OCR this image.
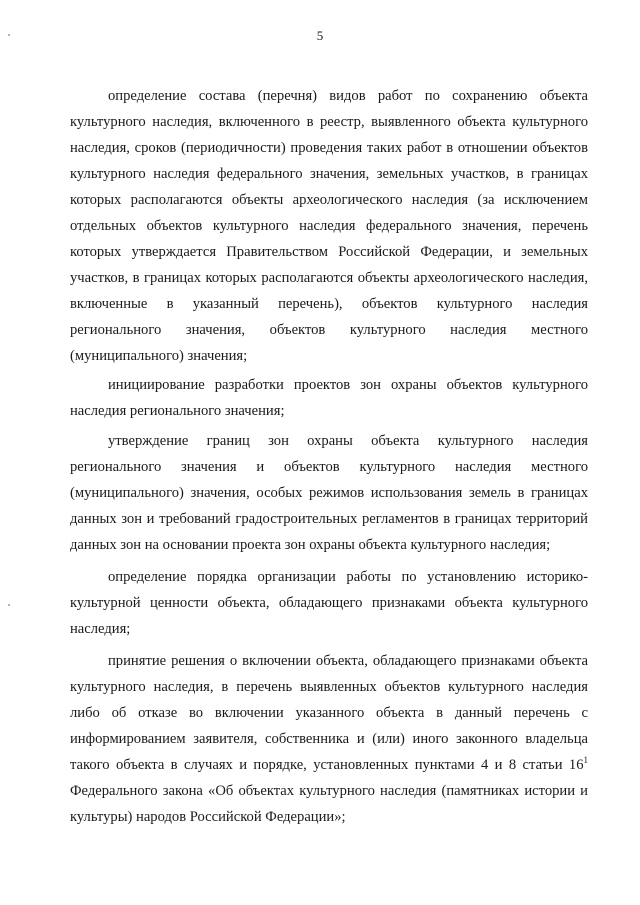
5

определение состава (перечня) видов работ по сохранению объекта культурного наследия, включенного в реестр, выявленного объекта культурного наследия, сроков (периодичности) проведения таких работ в отношении объектов культурного наследия федерального значения, земельных участков, в границах которых располагаются объекты археологического наследия (за исключением отдельных объектов культурного наследия федерального значения, перечень которых утверждается Правительством Российской Федерации, и земельных участков, в границах которых располагаются объекты археологического наследия, включенные в указанный перечень), объектов культурного наследия регионального значения, объектов культурного наследия местного (муниципального) значения;

инициирование разработки проектов зон охраны объектов культурного наследия регионального значения;

утверждение границ зон охраны объекта культурного наследия регионального значения и объектов культурного наследия местного (муниципального) значения, особых режимов использования земель в границах данных зон и требований градостроительных регламентов в границах территорий данных зон на основании проекта зон охраны объекта культурного наследия;

определение порядка организации работы по установлению историко-культурной ценности объекта, обладающего признаками объекта культурного наследия;

принятие решения о включении объекта, обладающего признаками объекта культурного наследия, в перечень выявленных объектов культурного наследия либо об отказе во включении указанного объекта в данный перечень с информированием заявителя, собственника и (или) иного законного владельца такого объекта в случаях и порядке, установленных пунктами 4 и 8 статьи $16^1$ Федерального закона «Об объектах культурного наследия (памятниках истории и культуры) народов Российской Федерации»;
